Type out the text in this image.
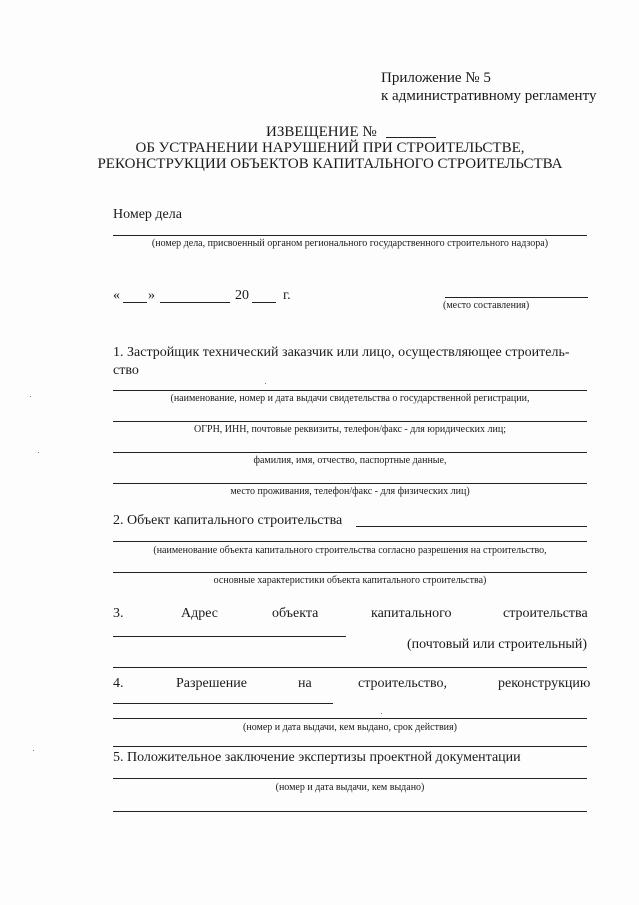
Приложение № 5
к административному регламенту
ИЗВЕЩЕНИЕ №
ОБ УСТРАНЕНИИ НАРУШЕНИЙ ПРИ СТРОИТЕЛЬСТВЕ,
РЕКОНСТРУКЦИИ ОБЪЕКТОВ КАПИТАЛЬНОГО СТРОИТЕЛЬСТВА
Номер дела
(номер дела, присвоенный органом регионального государственного строительного надзора)
« »	20 г.
(место составления)
1. Застройщик технический заказчик или лицо, осуществляющее строитель-
ство
(наименование, номер и дата выдачи свидетельства о государственной регистрации,
ОГРН, ИНН, почтовые реквизиты, телефон/факс - для юридических лиц;
фамилия, имя, отчество, паспортные данные,
место проживания, телефон/факс - для физических лиц)
2. Объект капитального строительства
(наименование объекта капитального строительства согласно разрешения на строительство,
основные характеристики объекта капитального строительства)
3.	Адрес	объекта	капитального	строительства
(почтовый или строительный)
4.	Разрешение	на	строительство,	реконструкцию
(номер и дата выдачи, кем выдано, срок действия)
5. Положительное заключение экспертизы проектной документации
(номер и дата выдачи, кем выдано)
